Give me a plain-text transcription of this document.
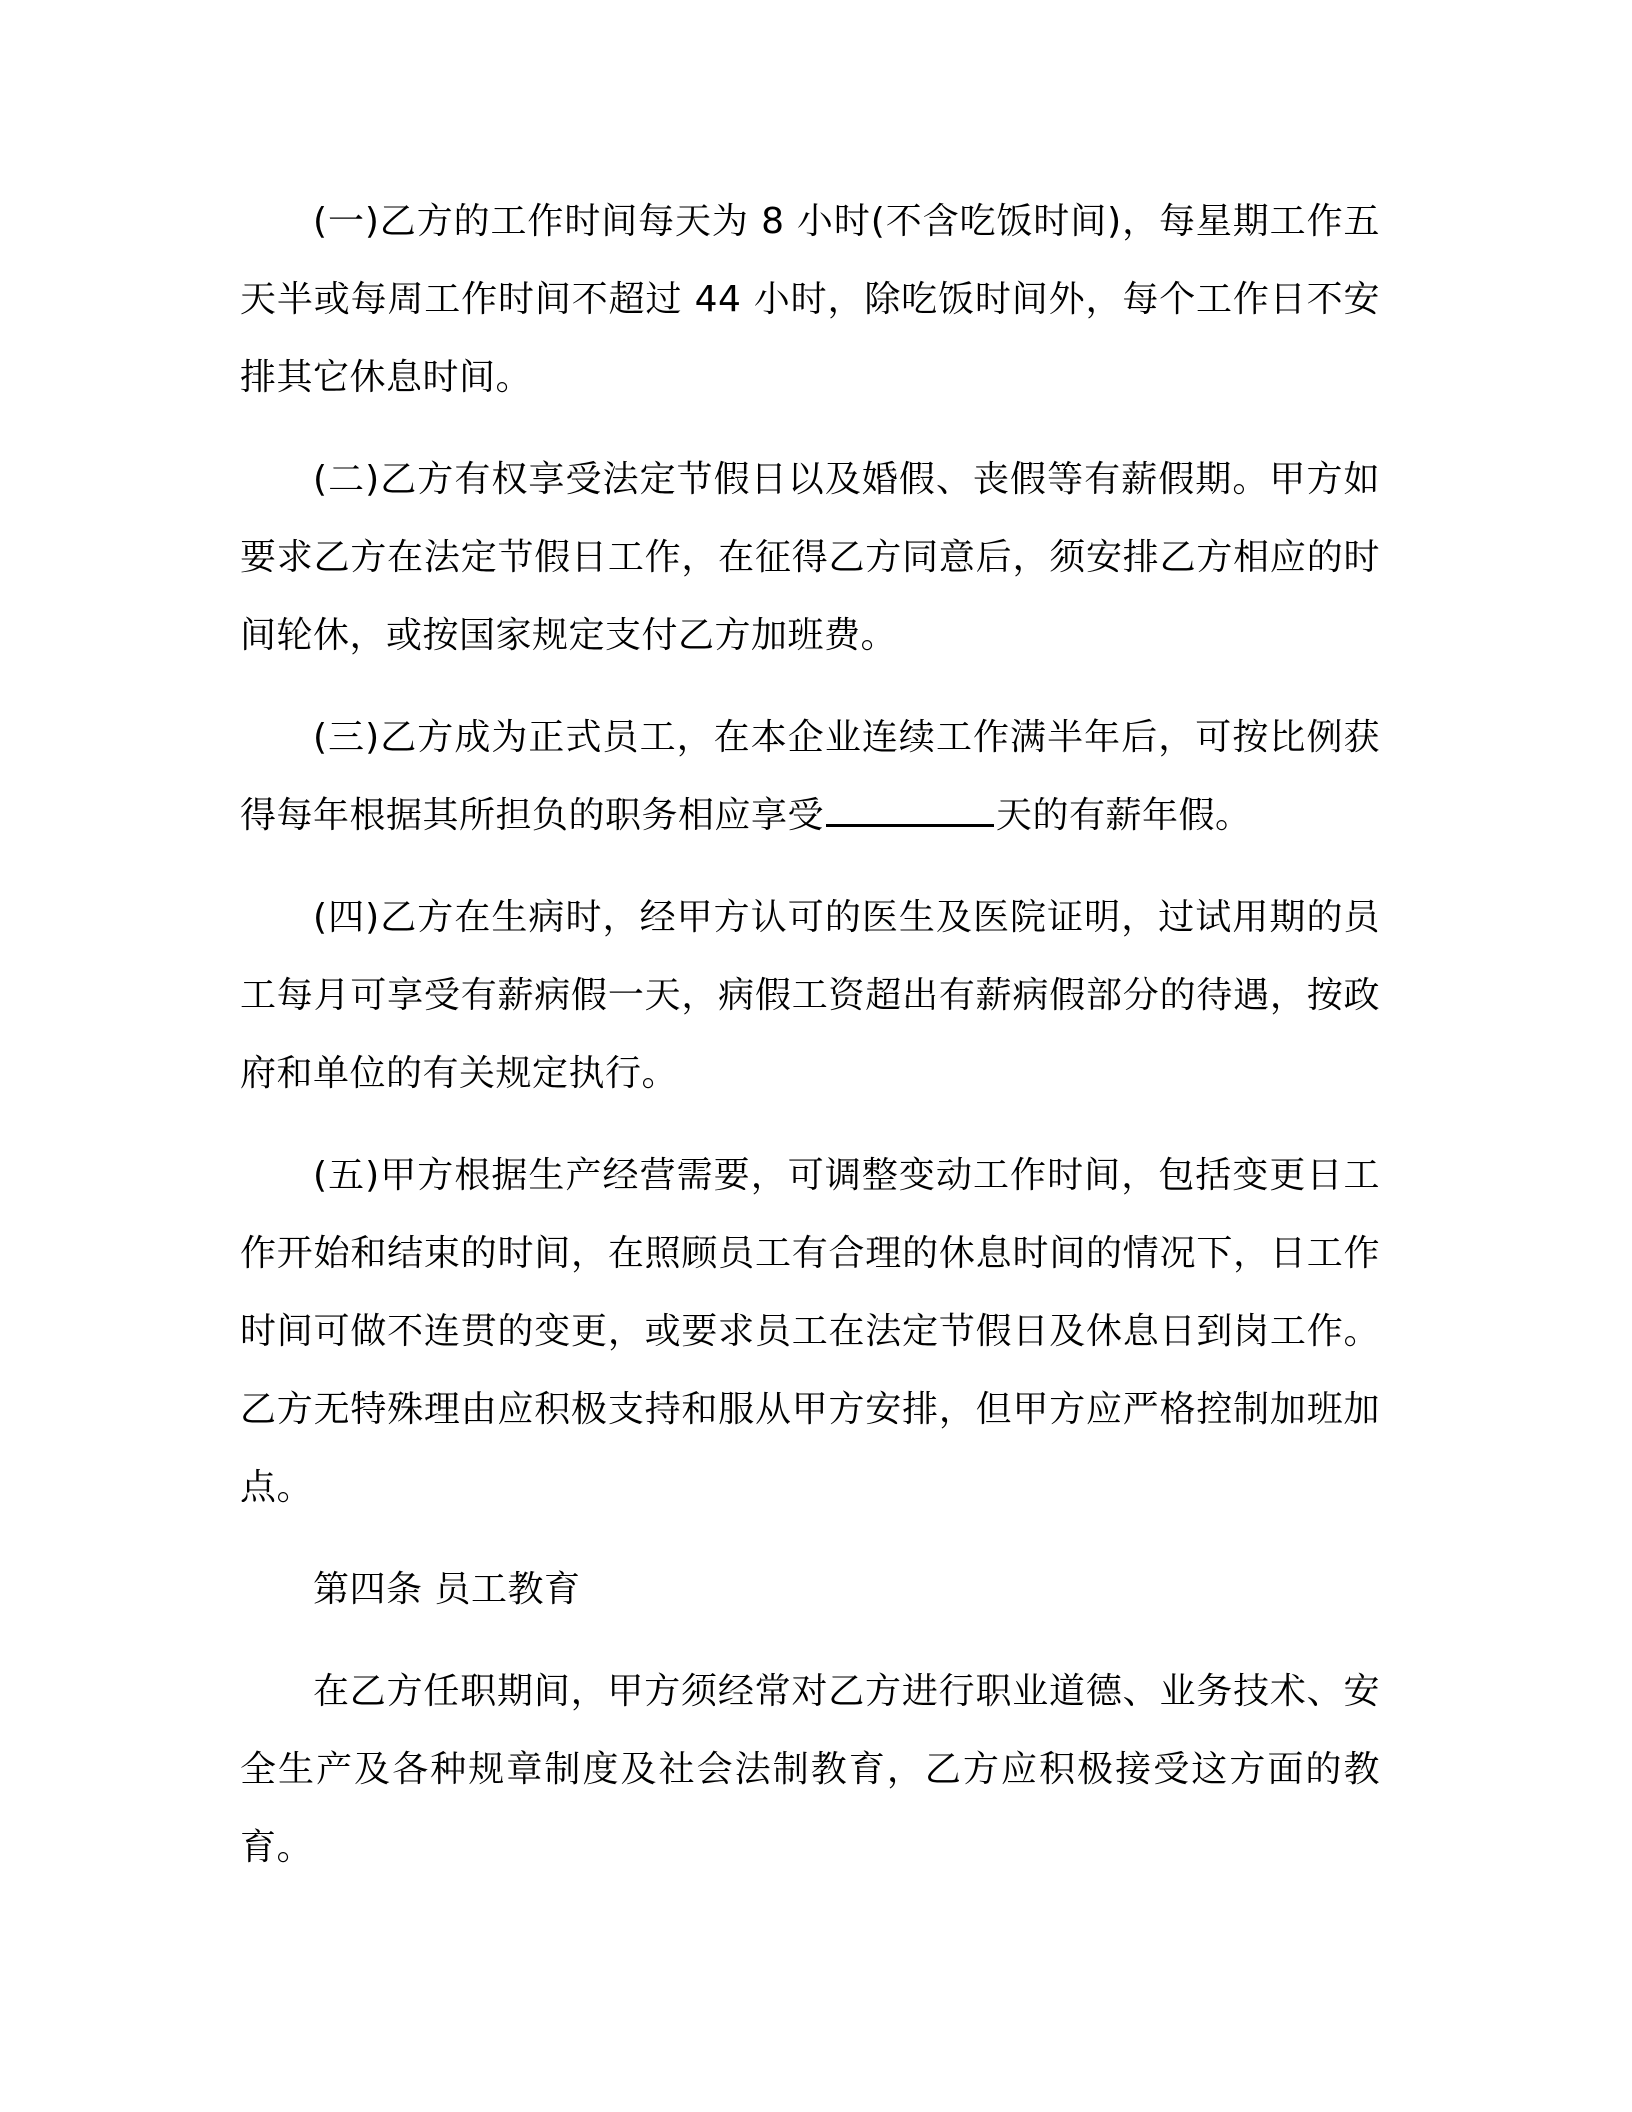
(一)乙方的工作时间每天为 8 小时(不含吃饭时间)，每星期工作五天半或每周工作时间不超过 44 小时，除吃饭时间外，每个工作日不安排其它休息时间。

(二)乙方有权享受法定节假日以及婚假、丧假等有薪假期。甲方如要求乙方在法定节假日工作，在征得乙方同意后，须安排乙方相应的时间轮休，或按国家规定支付乙方加班费。

(三)乙方成为正式员工，在本企业连续工作满半年后，可按比例获得每年根据其所担负的职务相应享受	天的有薪年假。

(四)乙方在生病时，经甲方认可的医生及医院证明，过试用期的员工每月可享受有薪病假一天，病假工资超出有薪病假部分的待遇，按政府和单位的有关规定执行。

(五)甲方根据生产经营需要，可调整变动工作时间，包括变更日工作开始和结束的时间，在照顾员工有合理的休息时间的情况下，日工作时间可做不连贯的变更，或要求员工在法定节假日及休息日到岗工作。乙方无特殊理由应积极支持和服从甲方安排，但甲方应严格控制加班加点。

第四条 员工教育

在乙方任职期间，甲方须经常对乙方进行职业道德、业务技术、安全生产及各种规章制度及社会法制教育，乙方应积极接受这方面的教育。
